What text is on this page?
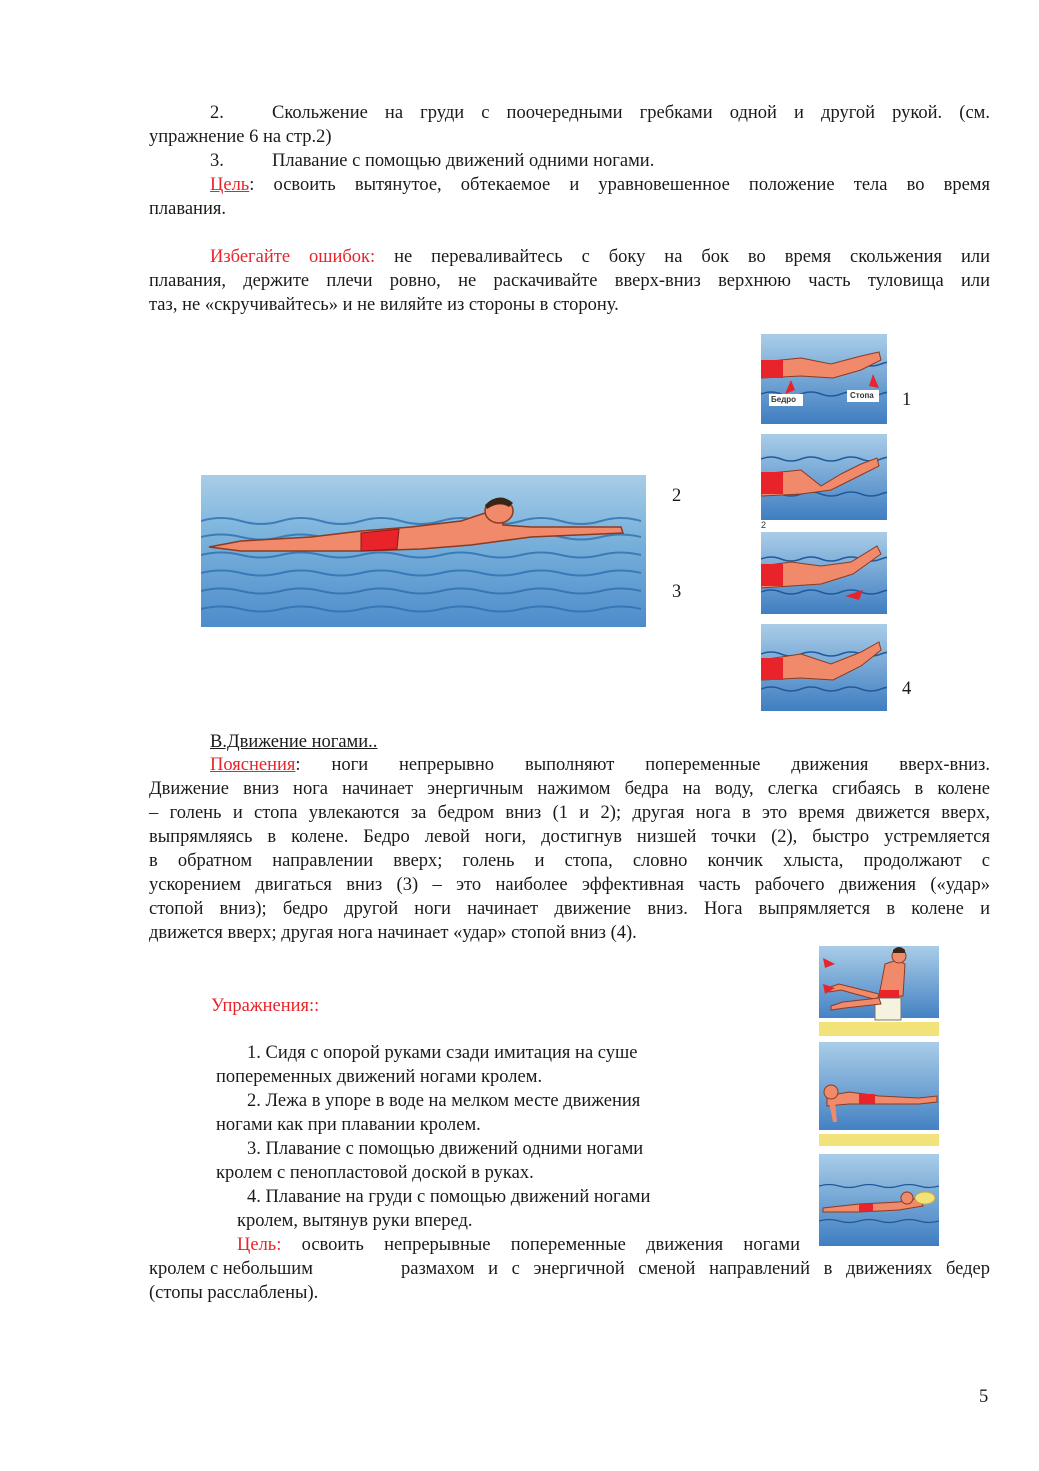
2.	Скольжение на груди с поочередными гребками одной и другой рукой. (см.
упражнение 6 на стр.2)
3.	Плавание с помощью движений одними ногами.
Цель: освоить вытянутое, обтекаемое и уравновешенное положение тела во время
плавания.
Избегайте ошибок: не переваливайтесь с боку на бок во время скольжения или
плавания, держите плечи ровно, не раскачивайте вверх-вниз верхнюю часть туловища или
таз, не «скручивайтесь» и не виляйте из стороны в сторону.
2
3
Бедро	Стопа
2
1
4
В.Движение ногами..
Пояснения: ноги непрерывно выполняют попеременные движения вверх-вниз.
Движение вниз нога начинает энергичным нажимом бедра на воду, слегка сгибаясь в колене
– голень и стопа увлекаются за бедром вниз (1 и 2); другая нога в это время движется вверх,
выпрямляясь в колене. Бедро левой ноги, достигнув низшей точки (2), быстро устремляется
в обратном направлении вверх; голень и стопа, словно кончик хлыста, продолжают с
ускорением двигаться вниз (3) – это наиболее эффективная часть рабочего движения («удар»
стопой вниз); бедро другой ноги начинает движение вниз. Нога выпрямляется в колене и
движется вверх; другая нога начинает «удар» стопой вниз (4).
Упражнения::
1. Сидя с опорой руками сзади имитация на суше
попеременных движений ногами кролем.
2. Лежа в упоре в воде на мелком месте движения
ногами как при плавании кролем.
3. Плавание с помощью движений одними ногами
кролем с пенопластовой доской в руках.
4. Плавание на груди с помощью движений ногами
кролем, вытянув руки вперед.
Цель: освоить непрерывные попеременные движения ногами
кролем с небольшим	размахом и с энергичной сменой направлений в движениях бедер
(стопы расслаблены).
5
